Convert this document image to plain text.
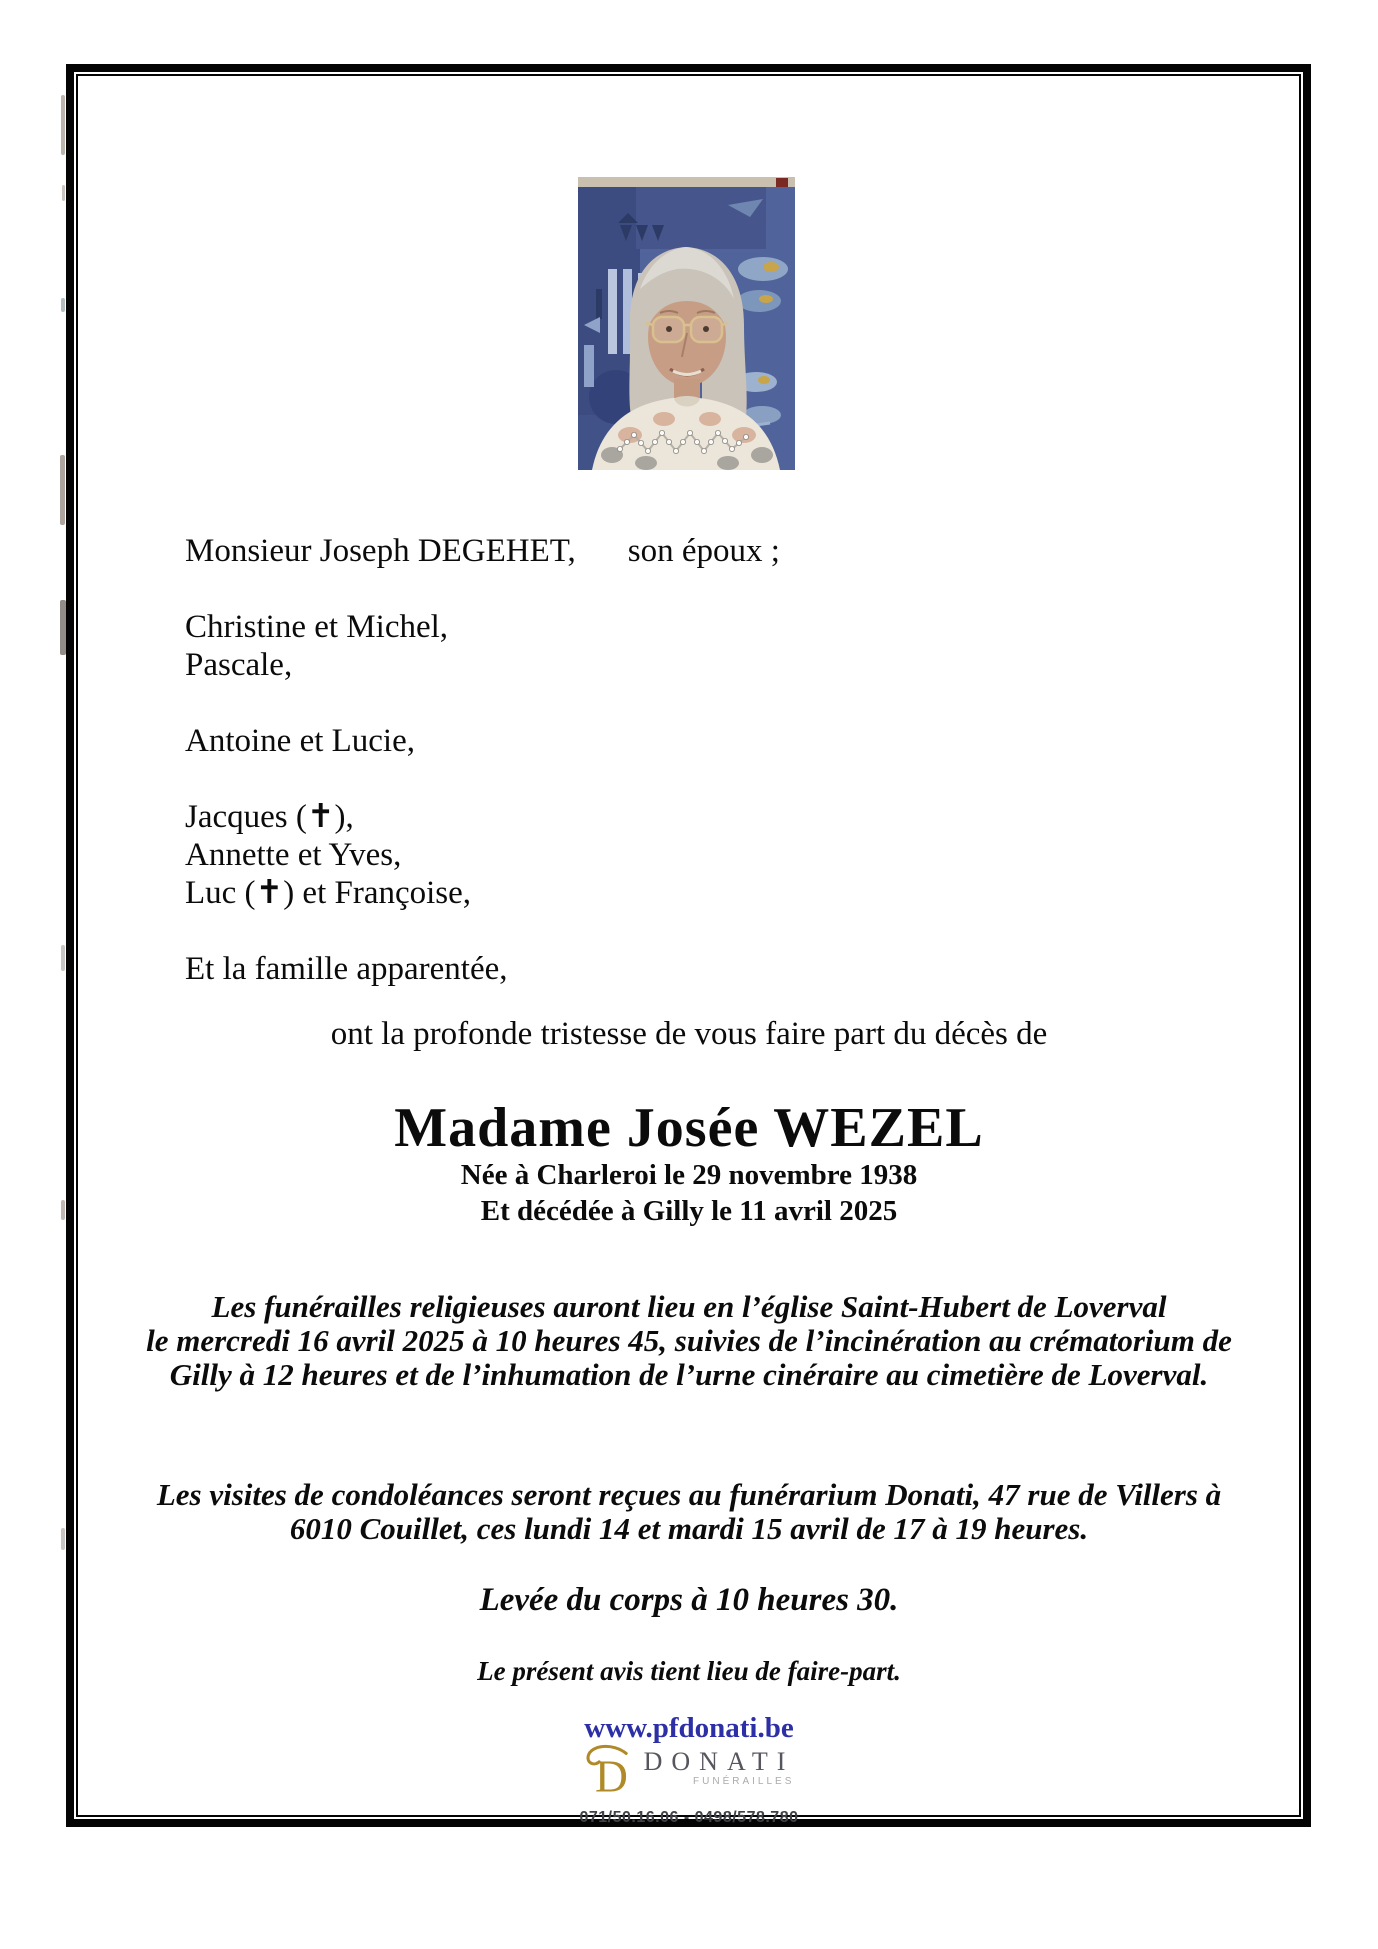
Monsieur Joseph DEGEHET, son époux ;
Christine et Michel,
Pascale,
Antoine et Lucie,
Jacques (✝),
Annette et Yves,
Luc (✝) et Françoise,
Et la famille apparentée,
ont la profonde tristesse de vous faire part du décès de
Madame Josée WEZEL
Née à Charleroi le 29 novembre 1938
Et décédée à Gilly le 11 avril 2025
Les funérailles religieuses auront lieu en l’église Saint-Hubert de Loverval
le mercredi 16 avril 2025 à 10 heures 45, suivies de l’incinération au crématorium de
Gilly à 12 heures et de l’inhumation de l’urne cinéraire au cimetière de Loverval.
Les visites de condoléances seront reçues au funérarium Donati, 47 rue de Villers à
6010 Couillet, ces lundi 14 et mardi 15 avril de 17 à 19 heures.
Levée du corps à 10 heures 30.
Le présent avis tient lieu de faire-part.
www.pfdonati.be
D DONATI
FUNÉRAILLES
071/50.16.06 - 0498/578.780
